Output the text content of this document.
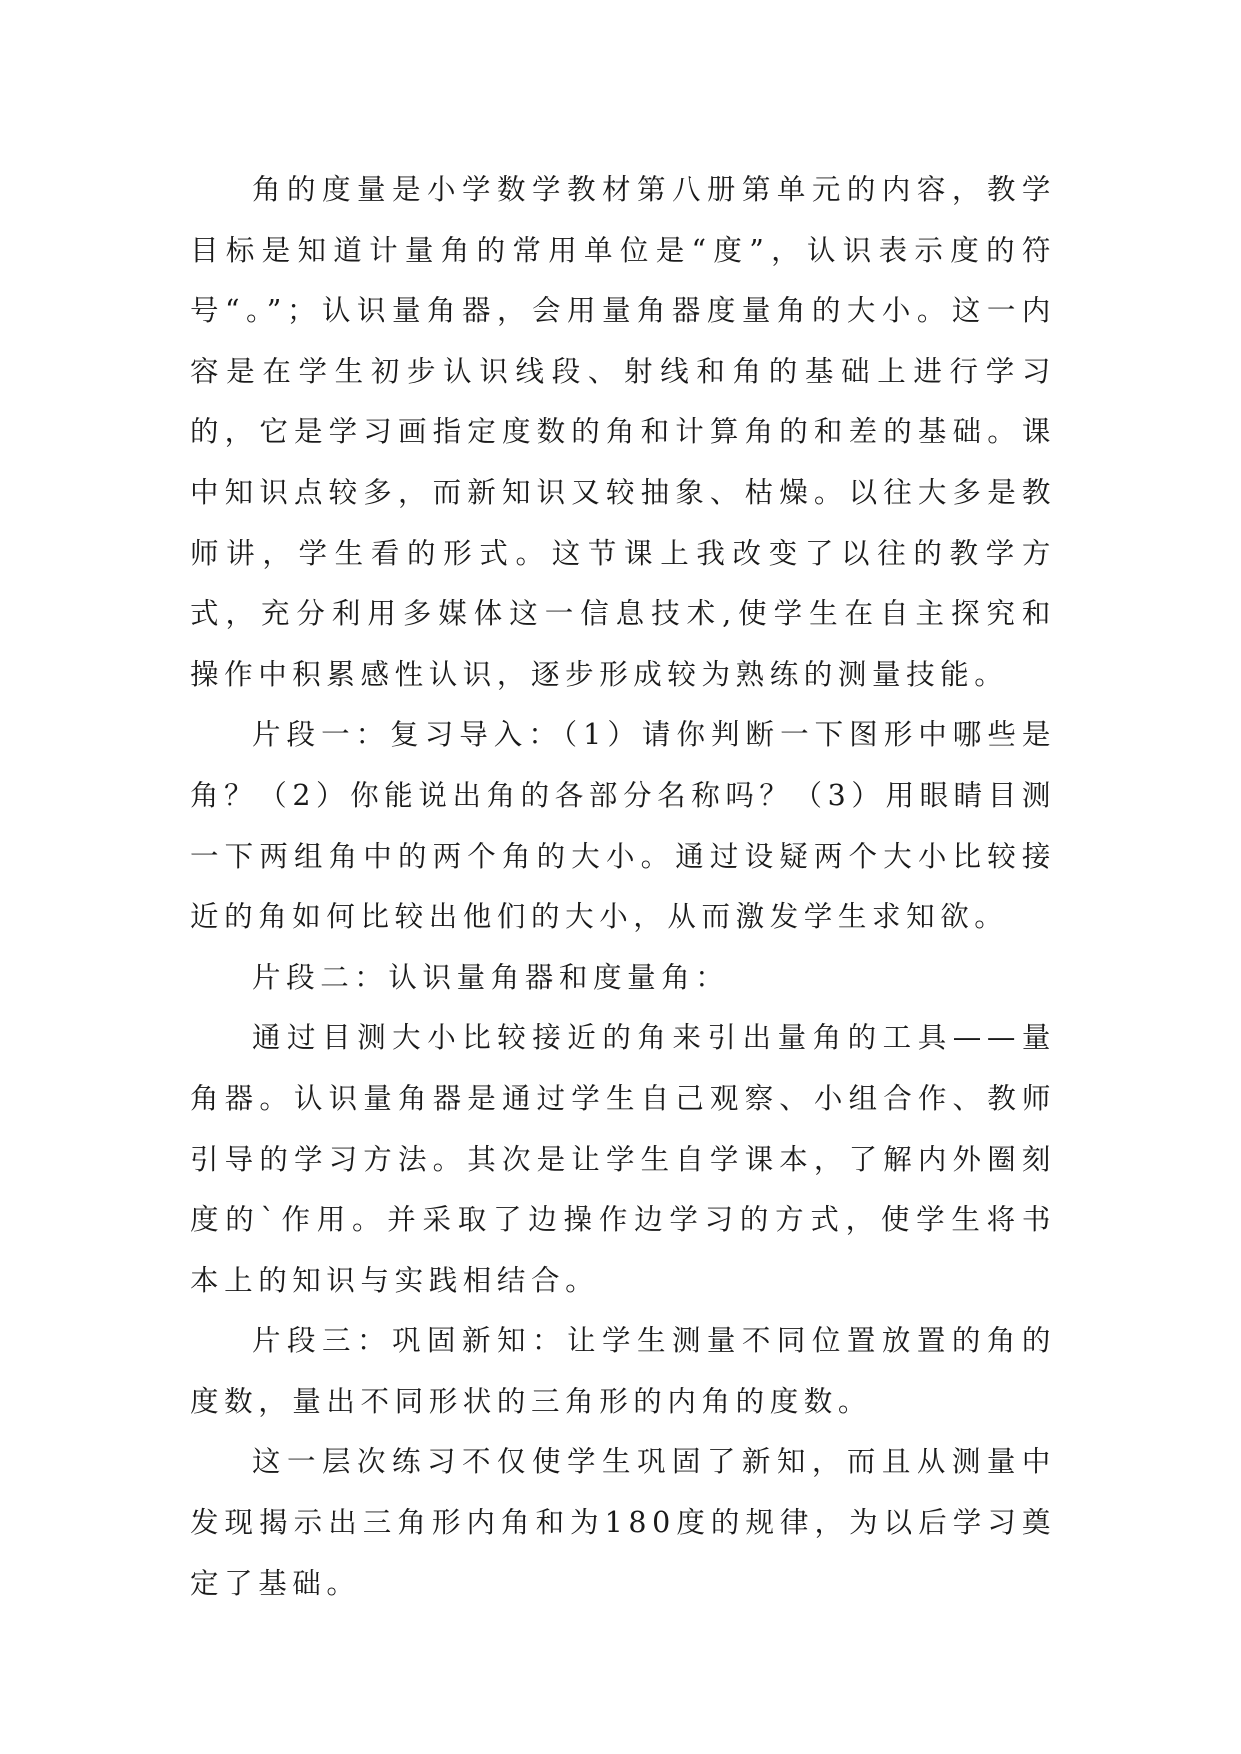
角的度量是小学数学教材第八册第单元的内容，教学目标是知道计量角的常用单位是“度”，认识表示度的符号“。”；认识量角器，会用量角器度量角的大小。这一内容是在学生初步认识线段、射线和角的基础上进行学习的，它是学习画指定度数的角和计算角的和差的基础。课中知识点较多，而新知识又较抽象、枯燥。以往大多是教师讲，学生看的形式。这节课上我改变了以往的教学方式，充分利用多媒体这一信息技术,使学生在自主探究和操作中积累感性认识，逐步形成较为熟练的测量技能。

片段一：复习导入：（1）请你判断一下图形中哪些是角？（2）你能说出角的各部分名称吗？（3）用眼睛目测一下两组角中的两个角的大小。通过设疑两个大小比较接近的角如何比较出他们的大小，从而激发学生求知欲。

片段二：认识量角器和度量角：

通过目测大小比较接近的角来引出量角的工具——量角器。认识量角器是通过学生自己观察、小组合作、教师引导的学习方法。其次是让学生自学课本，了解内外圈刻度的`作用。并采取了边操作边学习的方式，使学生将书本上的知识与实践相结合。

片段三：巩固新知：让学生测量不同位置放置的角的度数，量出不同形状的三角形的内角的度数。

这一层次练习不仅使学生巩固了新知，而且从测量中发现揭示出三角形内角和为180度的规律，为以后学习奠定了基础。
